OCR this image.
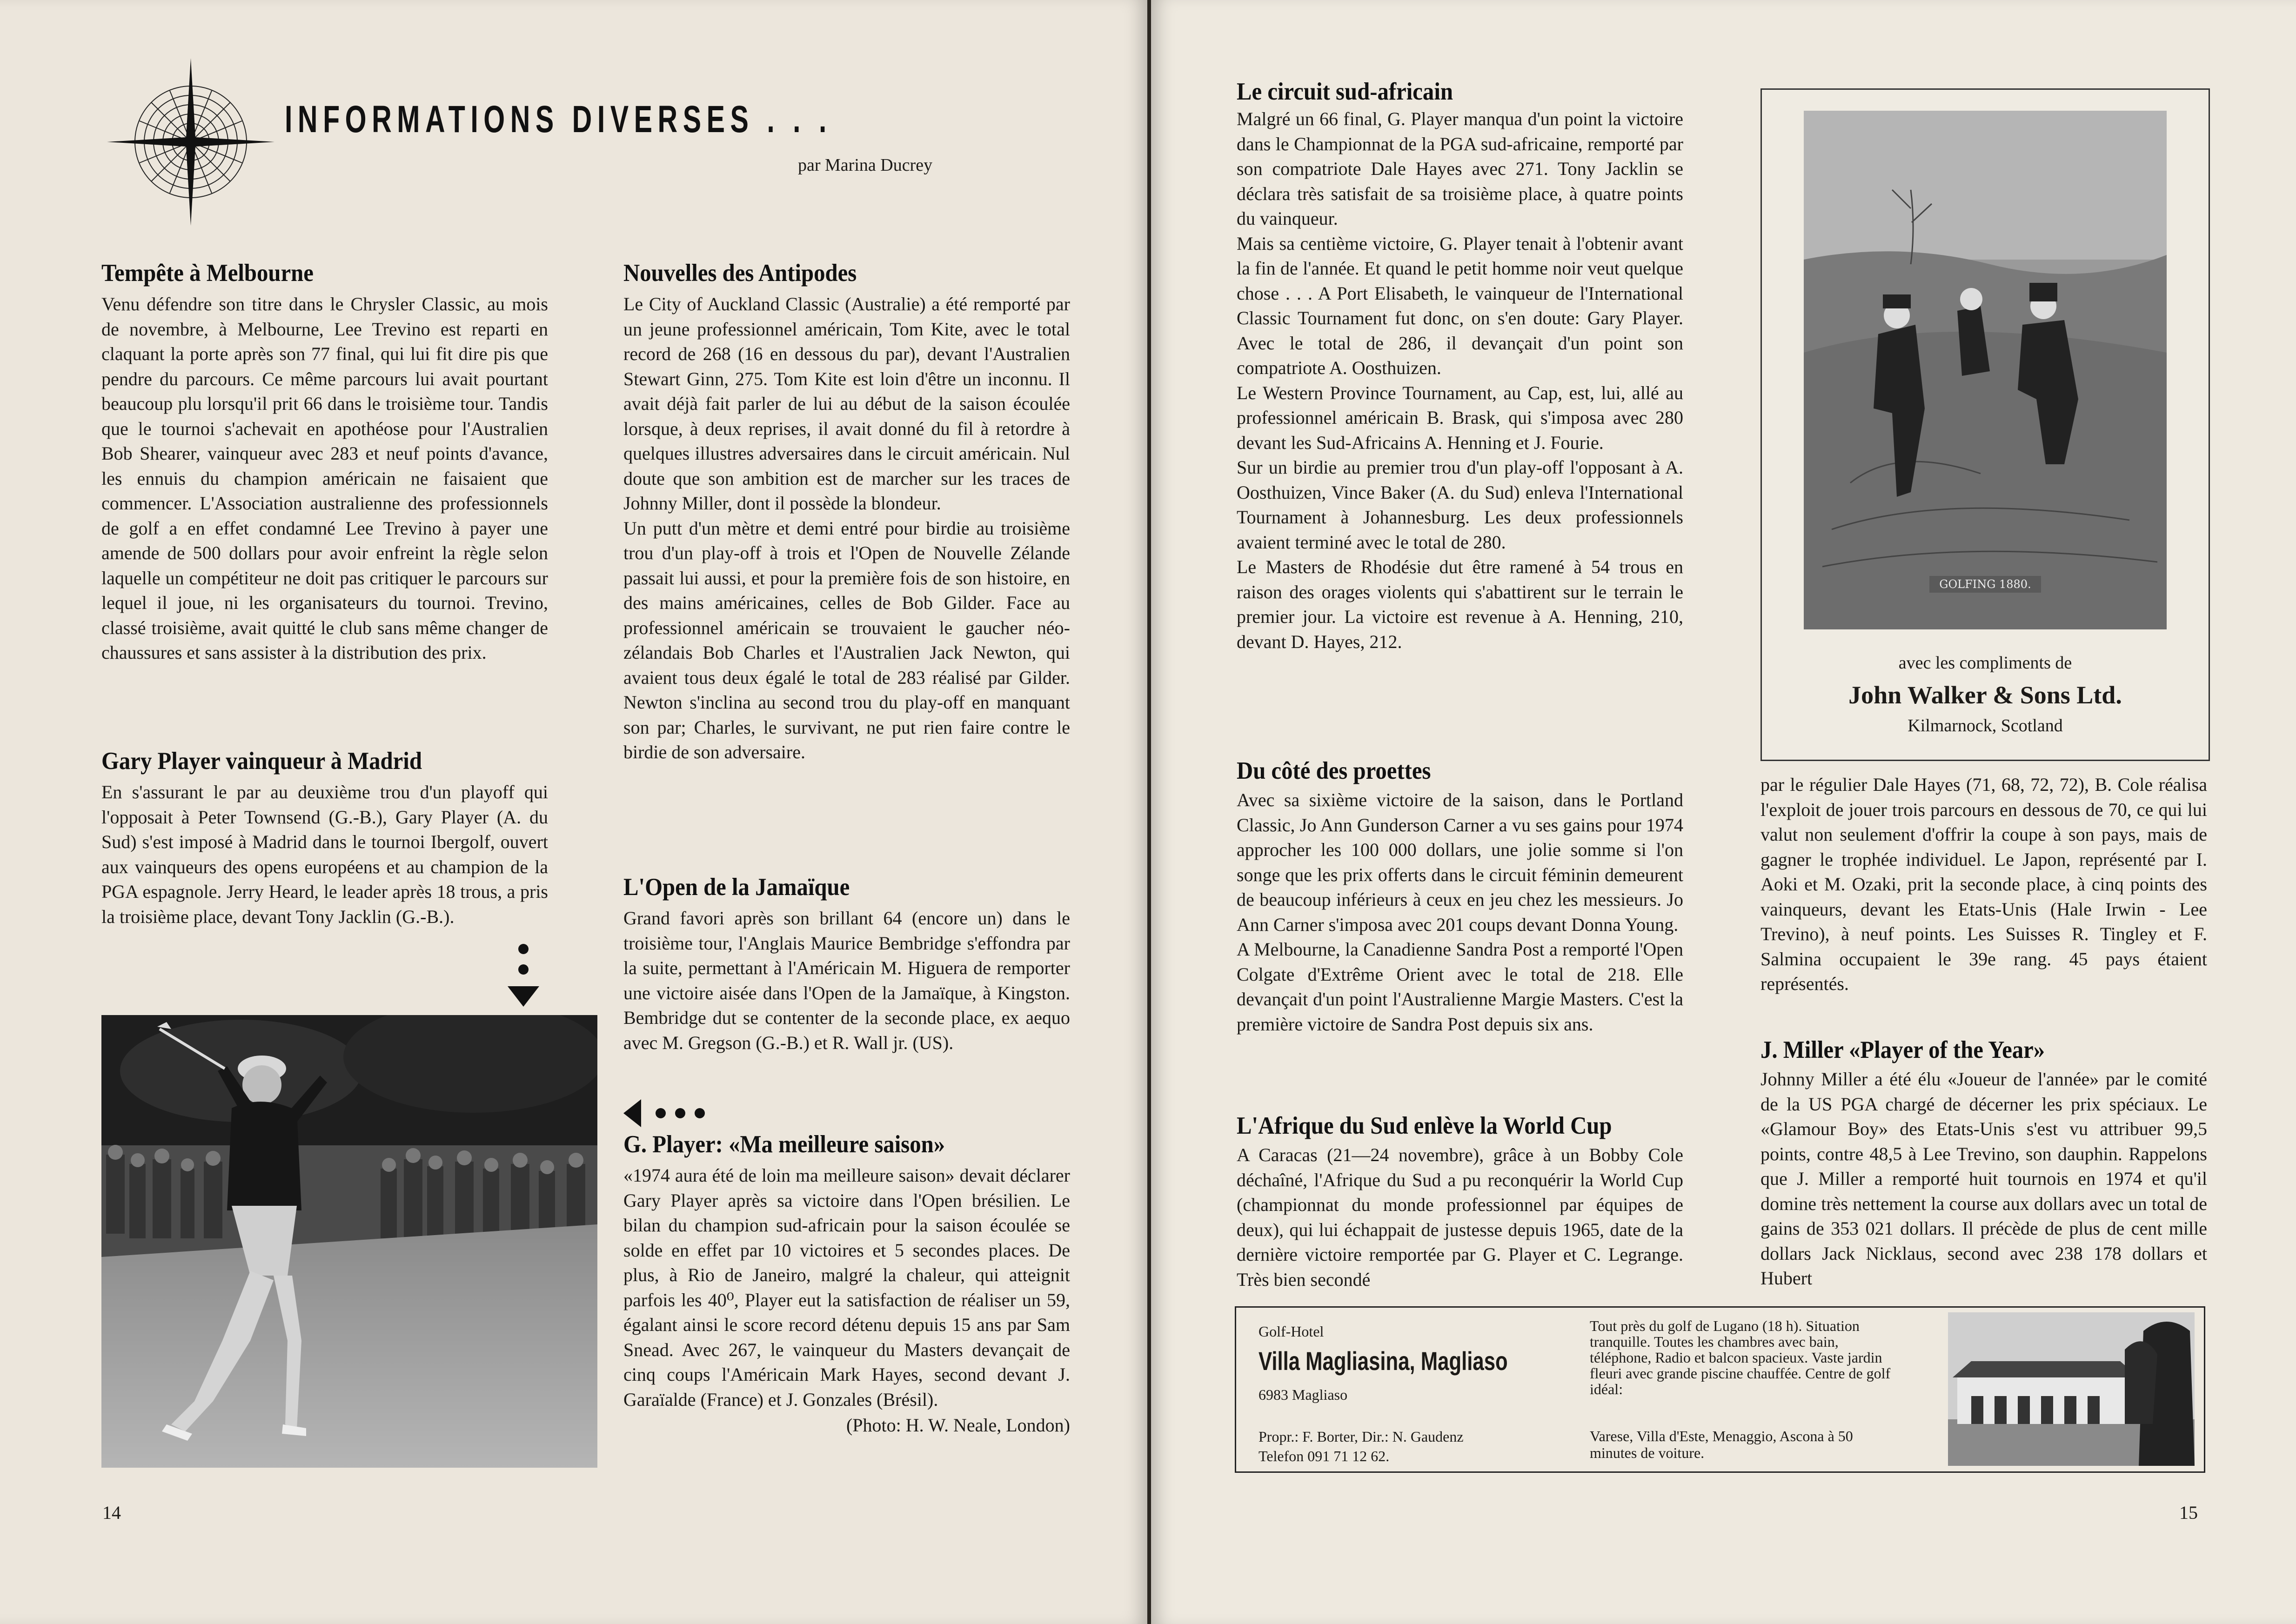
INFORMATIONS DIVERSES . . .
par Marina Ducrey
Tempête à Melbourne

Venu défendre son titre dans le Chrysler Classic, au mois de novembre, à Melbourne, Lee Trevino est reparti en claquant la porte après son 77 final, qui lui fit dire pis que pendre du parcours. Ce même parcours lui avait pourtant beaucoup plu lorsqu'il prit 66 dans le troisième tour. Tandis que le tournoi s'achevait en apothéose pour l'Australien Bob Shearer, vainqueur avec 283 et neuf points d'avance, les ennuis du champion américain ne faisaient que commencer. L'Association australienne des professionnels de golf a en effet condamné Lee Trevino à payer une amende de 500 dollars pour avoir enfreint la règle selon laquelle un compétiteur ne doit pas critiquer le parcours sur lequel il joue, ni les organisateurs du tournoi. Trevino, classé troisième, avait quitté le club sans même changer de chaussures et sans assister à la distribution des prix.

Gary Player vainqueur à Madrid

En s'assurant le par au deuxième trou d'un playoff qui l'opposait à Peter Townsend (G.-B.), Gary Player (A. du Sud) s'est imposé à Madrid dans le tournoi Ibergolf, ouvert aux vainqueurs des opens européens et au champion de la PGA espagnole. Jerry Heard, le leader après 18 trous, a pris la troisième place, devant Tony Jacklin (G.-B.).

Nouvelles des Antipodes

Le City of Auckland Classic (Australie) a été remporté par un jeune professionnel américain, Tom Kite, avec le total record de 268 (16 en dessous du par), devant l'Australien Stewart Ginn, 275. Tom Kite est loin d'être un inconnu. Il avait déjà fait parler de lui au début de la saison écoulée lorsque, à deux reprises, il avait donné du fil à retordre à quelques illustres adversaires dans le circuit américain. Nul doute que son ambition est de marcher sur les traces de Johnny Miller, dont il possède la blondeur.

Un putt d'un mètre et demi entré pour birdie au troisième trou d'un play-off à trois et l'Open de Nouvelle Zélande passait lui aussi, et pour la première fois de son histoire, en des mains américaines, celles de Bob Gilder. Face au professionnel américain se trouvaient le gaucher néo-zélandais Bob Charles et l'Australien Jack Newton, qui avaient tous deux égalé le total de 283 réalisé par Gilder. Newton s'inclina au second trou du play-off en manquant son par; Charles, le survivant, ne put rien faire contre le birdie de son adversaire.

L'Open de la Jamaïque

Grand favori après son brillant 64 (encore un) dans le troisième tour, l'Anglais Maurice Bembridge s'effondra par la suite, permettant à l'Américain M. Higuera de remporter une victoire aisée dans l'Open de la Jamaïque, à Kingston. Bembridge dut se contenter de la seconde place, ex aequo avec M. Gregson (G.-B.) et R. Wall jr. (US).

G. Player: «Ma meilleure saison»

«1974 aura été de loin ma meilleure saison» devait déclarer Gary Player après sa victoire dans l'Open brésilien. Le bilan du champion sud-africain pour la saison écoulée se solde en effet par 10 victoires et 5 secondes places. De plus, à Rio de Janeiro, malgré la chaleur, qui atteignit parfois les 40⁰, Player eut la satisfaction de réaliser un 59, égalant ainsi le score record détenu depuis 15 ans par Sam Snead. Avec 267, le vainqueur du Masters devançait de cinq coups l'Américain Mark Hayes, second devant J. Garaïalde (France) et J. Gonzales (Brésil).

(Photo: H. W. Neale, London)
14
Le circuit sud-africain

Malgré un 66 final, G. Player manqua d'un point la victoire dans le Championnat de la PGA sud-africaine, remporté par son compatriote Dale Hayes avec 271. Tony Jacklin se déclara très satisfait de sa troisième place, à quatre points du vainqueur.

Mais sa centième victoire, G. Player tenait à l'obtenir avant la fin de l'année. Et quand le petit homme noir veut quelque chose . . . A Port Elisabeth, le vainqueur de l'International Classic Tournament fut donc, on s'en doute: Gary Player. Avec le total de 286, il devançait d'un point son compatriote A. Oosthuizen.

Le Western Province Tournament, au Cap, est, lui, allé au professionnel américain B. Brask, qui s'imposa avec 280 devant les Sud-Africains A. Henning et J. Fourie.

Sur un birdie au premier trou d'un play-off l'opposant à A. Oosthuizen, Vince Baker (A. du Sud) enleva l'International Tournament à Johannesburg. Les deux professionnels avaient terminé avec le total de 280.

Le Masters de Rhodésie dut être ramené à 54 trous en raison des orages violents qui s'abattirent sur le terrain le premier jour. La victoire est revenue à A. Henning, 210, devant D. Hayes, 212.

Du côté des proettes

Avec sa sixième victoire de la saison, dans le Portland Classic, Jo Ann Gunderson Carner a vu ses gains pour 1974 approcher les 100 000 dollars, une jolie somme si l'on songe que les prix offerts dans le circuit féminin demeurent de beaucoup inférieurs à ceux en jeu chez les messieurs. Jo Ann Carner s'imposa avec 201 coups devant Donna Young.

A Melbourne, la Canadienne Sandra Post a remporté l'Open Colgate d'Extrême Orient avec le total de 218. Elle devançait d'un point l'Australienne Margie Masters. C'est la première victoire de Sandra Post depuis six ans.

L'Afrique du Sud enlève la World Cup

A Caracas (21—24 novembre), grâce à un Bobby Cole déchaîné, l'Afrique du Sud a pu reconquérir la World Cup (championnat du monde professionnel par équipes de deux), qui lui échappait de justesse depuis 1965, date de la dernière victoire remportée par G. Player et C. Legrange. Très bien secondé

GOLFING 1880.
avec les compliments de
John Walker & Sons Ltd.
Kilmarnock, Scotland

par le régulier Dale Hayes (71, 68, 72, 72), B. Cole réalisa l'exploit de jouer trois parcours en dessous de 70, ce qui lui valut non seulement d'offrir la coupe à son pays, mais de gagner le trophée individuel. Le Japon, représenté par I. Aoki et M. Ozaki, prit la seconde place, à cinq points des vainqueurs, devant les Etats-Unis (Hale Irwin - Lee Trevino), à neuf points. Les Suisses R. Tingley et F. Salmina occupaient le 39e rang. 45 pays étaient représentés.

J. Miller «Player of the Year»

Johnny Miller a été élu «Joueur de l'année» par le comité de la US PGA chargé de décerner les prix spéciaux. Le «Glamour Boy» des Etats-Unis s'est vu attribuer 99,5 points, contre 48,5 à Lee Trevino, son dauphin. Rappelons que J. Miller a remporté huit tournois en 1974 et qu'il domine très nettement la course aux dollars avec un total de gains de 353 021 dollars. Il précède de plus de cent mille dollars Jack Nicklaus, second avec 238 178 dollars et Hubert

Golf-Hotel
Villa Magliasina, Magliaso
6983 Magliaso
Propr.: F. Borter, Dir.: N. Gaudenz
Telefon 091 71 12 62.
Tout près du golf de Lugano (18 h). Situation tranquille. Toutes les chambres avec bain, téléphone, Radio et balcon spacieux. Vaste jardin fleuri avec grande piscine chauffée. Centre de golf idéal:
Varese, Villa d'Este, Menaggio, Ascona à 50 minutes de voiture.
15
